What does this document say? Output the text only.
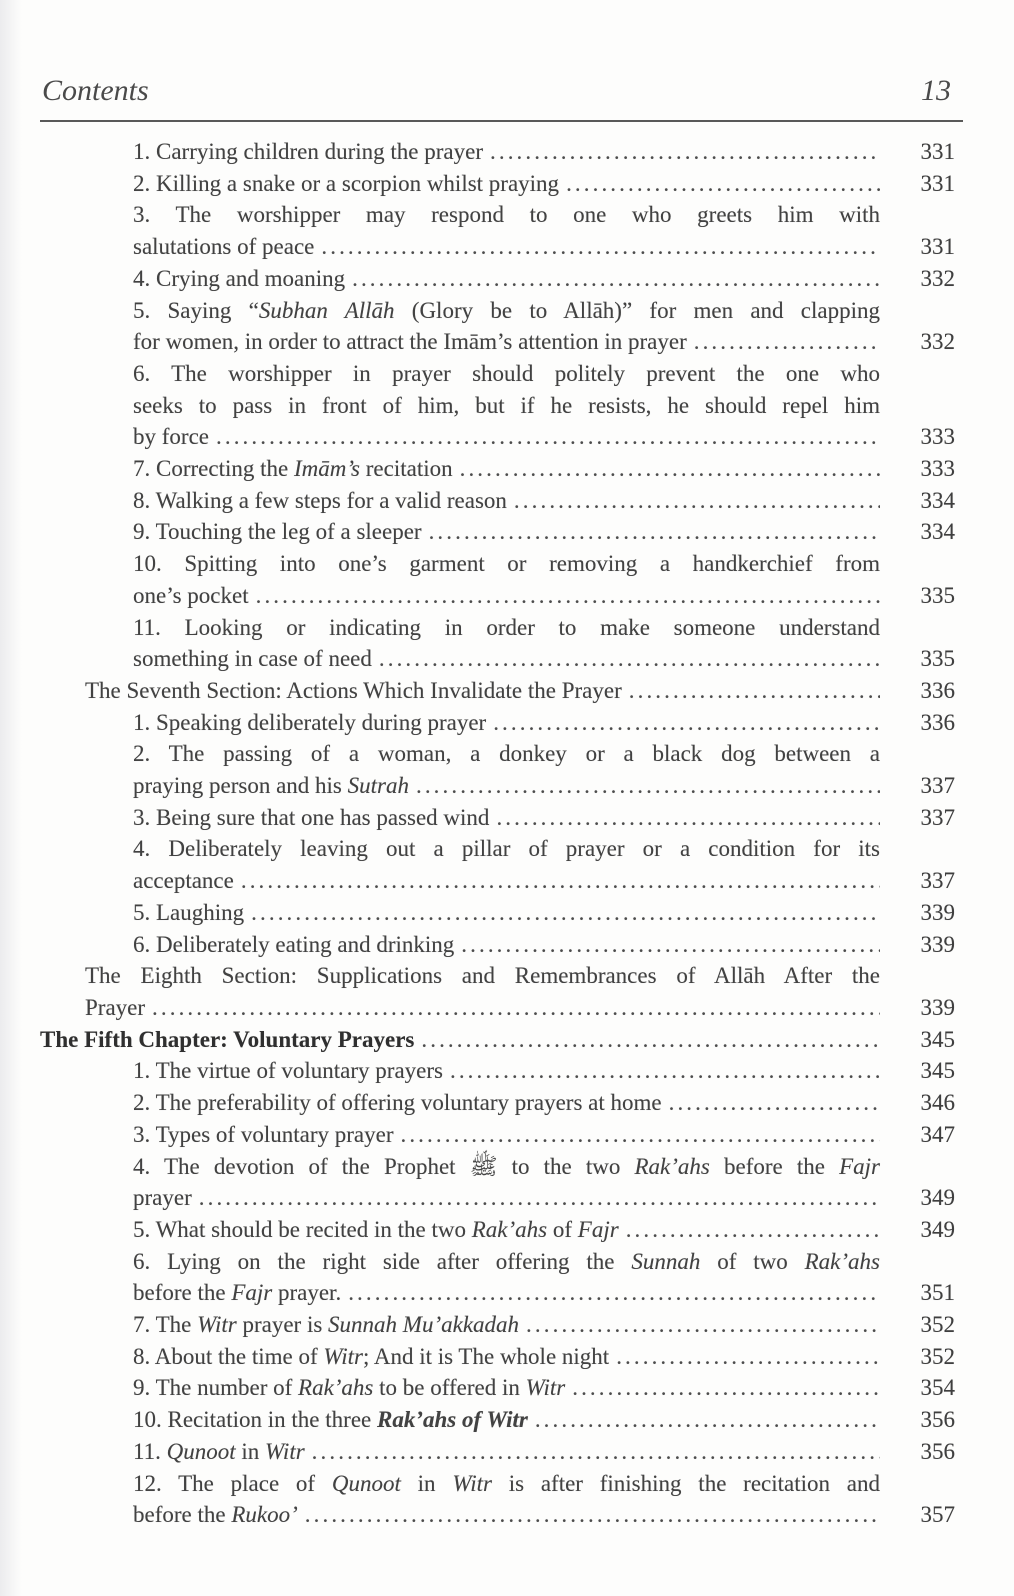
Contents	13
1. Carrying children during the prayer .....	331
2. Killing a snake or a scorpion whilst praying .....	331
3. The worshipper may respond to one who greets him with
salutations of peace .....	331
4. Crying and moaning .....	332
5. Saying “Subhan Allāh (Glory be to Allāh)” for men and clapping
for women, in order to attract the Imām’s attention in prayer .....	332
6. The worshipper in prayer should politely prevent the one who
seeks to pass in front of him, but if he resists, he should repel him
by force .....	333
7. Correcting the Imām’s recitation .....	333
8. Walking a few steps for a valid reason .....	334
9. Touching the leg of a sleeper .....	334
10. Spitting into one’s garment or removing a handkerchief from
one’s pocket .....	335
11. Looking or indicating in order to make someone understand
something in case of need .....	335
The Seventh Section: Actions Which Invalidate the Prayer .....	336
1. Speaking deliberately during prayer .....	336
2. The passing of a woman, a donkey or a black dog between a
praying person and his Sutrah .....	337
3. Being sure that one has passed wind .....	337
4. Deliberately leaving out a pillar of prayer or a condition for its
acceptance .....	337
5. Laughing .....	339
6. Deliberately eating and drinking .....	339
The Eighth Section: Supplications and Remembrances of Allāh After the
Prayer .....	339
The Fifth Chapter: Voluntary Prayers .....	345
1. The virtue of voluntary prayers .....	345
2. The preferability of offering voluntary prayers at home .....	346
3. Types of voluntary prayer .....	347
4. The devotion of the Prophet ﷺ to the two Rak’ahs before the Fajr
prayer .....	349
5. What should be recited in the two Rak’ahs of Fajr .....	349
6. Lying on the right side after offering the Sunnah of two Rak’ahs
before the Fajr prayer. .....	351
7. The Witr prayer is Sunnah Mu’akkadah .....	352
8. About the time of Witr; And it is The whole night .....	352
9. The number of Rak’ahs to be offered in Witr .....	354
10. Recitation in the three Rak’ahs of Witr .....	356
11. Qunoot in Witr .....	356
12. The place of Qunoot in Witr is after finishing the recitation and
before the Rukoo’ .....	357
